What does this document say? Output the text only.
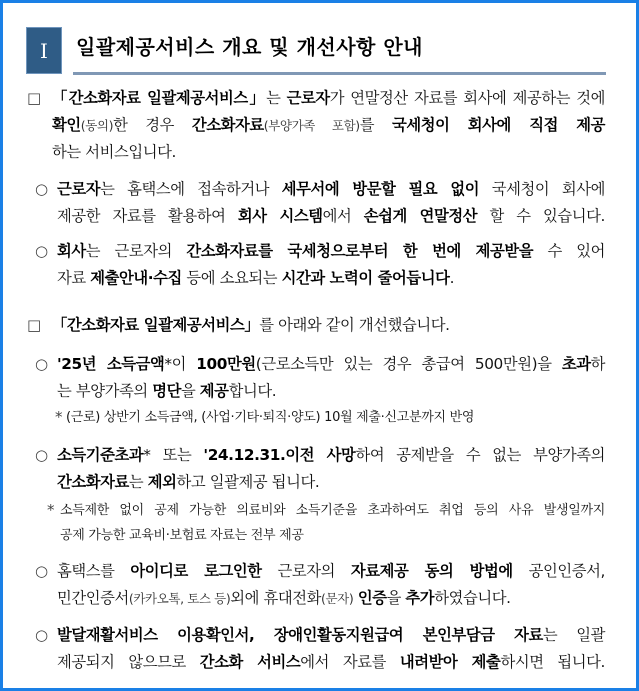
I	일괄제공서비스 개요 및 개선사항 안내
□ 「간소화자료 일괄제공서비스」는 근로자가 연말정산 자료를 회사에 제공하는 것에
확인(동의)한 경우 간소화자료(부양가족 포함)를 국세청이 회사에 직접 제공
하는 서비스입니다.
○ 근로자는 홈택스에 접속하거나 세무서에 방문할 필요 없이 국세청이 회사에
제공한 자료를 활용하여 회사 시스템에서 손쉽게 연말정산 할 수 있습니다.
○ 회사는 근로자의 간소화자료를 국세청으로부터 한 번에 제공받을 수 있어
자료 제출안내·수집 등에 소요되는 시간과 노력이 줄어듭니다.
□ 「간소화자료 일괄제공서비스」를 아래와 같이 개선했습니다.
○ '25년 소득금액*이 100만원(근로소득만 있는 경우 총급여 500만원)을 초과하
는 부양가족의 명단을 제공합니다.
* (근로) 상반기 소득금액, (사업·기타·퇴직·양도) 10월 제출·신고분까지 반영
○ 소득기준초과* 또는 '24.12.31.이전 사망하여 공제받을 수 없는 부양가족의
간소화자료는 제외하고 일괄제공 됩니다.
* 소득제한 없이 공제 가능한 의료비와 소득기준을 초과하여도 취업 등의 사유 발생일까지
공제 가능한 교육비·보험료 자료는 전부 제공
○ 홈택스를 아이디로 로그인한 근로자의 자료제공 동의 방법에 공인인증서,
민간인증서(카카오톡, 토스 등)외에 휴대전화(문자) 인증을 추가하였습니다.
○ 발달재활서비스 이용확인서, 장애인활동지원급여 본인부담금 자료는 일괄
제공되지 않으므로 간소화 서비스에서 자료를 내려받아 제출하시면 됩니다.
